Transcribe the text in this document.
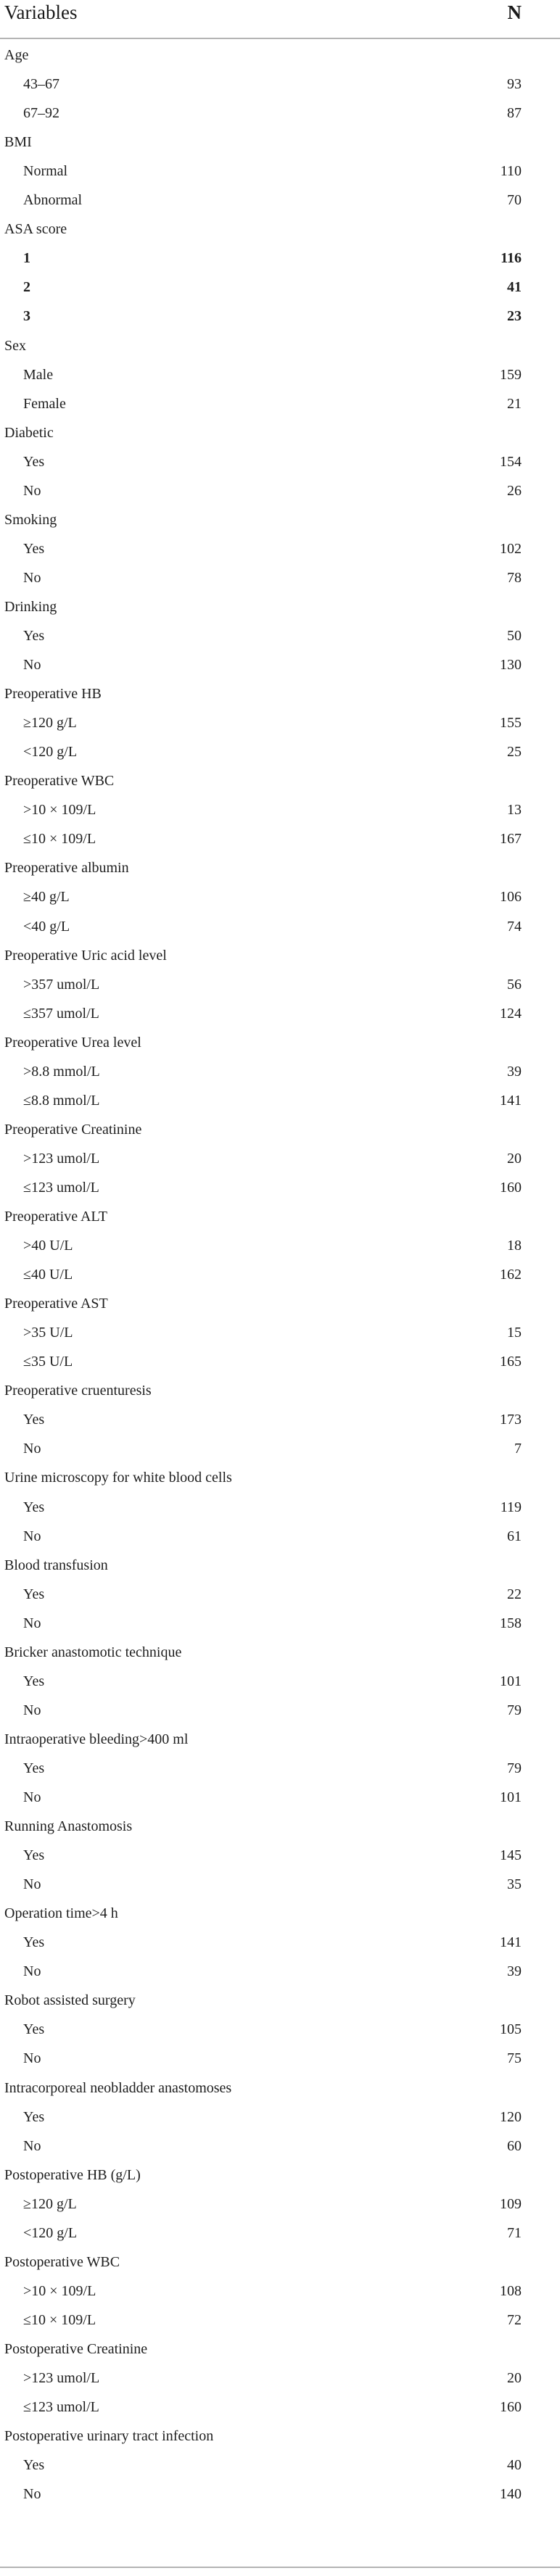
Variables	N
Age
43–67	93
67–92	87
BMI
Normal	110
Abnormal	70
ASA score
1	116
2	41
3	23
Sex
Male	159
Female	21
Diabetic
Yes	154
No	26
Smoking
Yes	102
No	78
Drinking
Yes	50
No	130
Preoperative HB
≥120 g/L	155
<120 g/L	25
Preoperative WBC
>10 × 109/L	13
≤10 × 109/L	167
Preoperative albumin
≥40 g/L	106
<40 g/L	74
Preoperative Uric acid level
>357 umol/L	56
≤357 umol/L	124
Preoperative Urea level
>8.8 mmol/L	39
≤8.8 mmol/L	141
Preoperative Creatinine
>123 umol/L	20
≤123 umol/L	160
Preoperative ALT
>40 U/L	18
≤40 U/L	162
Preoperative AST
>35 U/L	15
≤35 U/L	165
Preoperative cruenturesis
Yes	173
No	7
Urine microscopy for white blood cells
Yes	119
No	61
Blood transfusion
Yes	22
No	158
Bricker anastomotic technique
Yes	101
No	79
Intraoperative bleeding>400 ml
Yes	79
No	101
Running Anastomosis
Yes	145
No	35
Operation time>4 h
Yes	141
No	39
Robot assisted surgery
Yes	105
No	75
Intracorporeal neobladder anastomoses
Yes	120
No	60
Postoperative HB (g/L)
≥120 g/L	109
<120 g/L	71
Postoperative WBC
>10 × 109/L	108
≤10 × 109/L	72
Postoperative Creatinine
>123 umol/L	20
≤123 umol/L	160
Postoperative urinary tract infection
Yes	40
No	140
